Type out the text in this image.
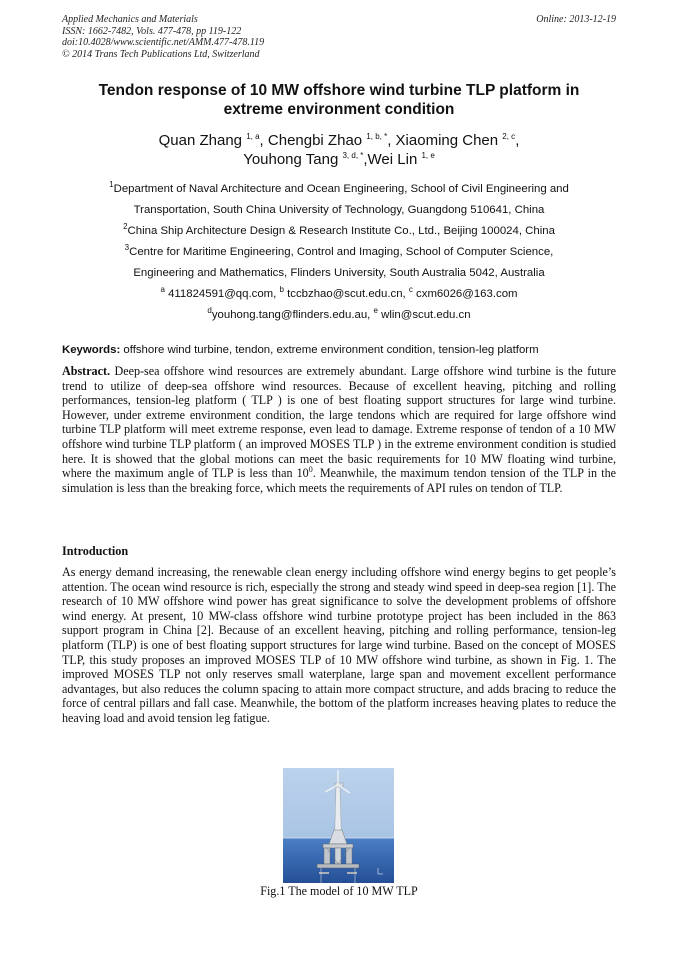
Applied Mechanics and Materials
ISSN: 1662-7482, Vols. 477-478, pp 119-122
doi:10.4028/www.scientific.net/AMM.477-478.119
© 2014 Trans Tech Publications Ltd, Switzerland
Online: 2013-12-19
Tendon response of 10 MW offshore wind turbine TLP platform in extreme environment condition
Quan Zhang $^{1, a}$, Chengbi Zhao $^{1, b, *}$, Xiaoming Chen $^{2, c}$,
Youhong Tang $^{3, d, *}$,Wei Lin $^{1, e}$
$^1$Department of Naval Architecture and Ocean Engineering, School of Civil Engineering and
Transportation, South China University of Technology, Guangdong 510641, China
$^2$China Ship Architecture Design & Research Institute Co., Ltd., Beijing 100024, China
$^3$Centre for Maritime Engineering, Control and Imaging, School of Computer Science,
Engineering and Mathematics, Flinders University, South Australia 5042, Australia
$^a$ 411824591@qq.com, $^b$ tccbzhao@scut.edu.cn, $^c$ cxm6026@163.com
$^d$youhong.tang@flinders.edu.au, $^e$ wlin@scut.edu.cn
Keywords: offshore wind turbine, tendon, extreme environment condition, tension-leg platform
Abstract. Deep-sea offshore wind resources are extremely abundant. Large offshore wind turbine is the future trend to utilize of deep-sea offshore wind resources. Because of excellent heaving, pitching and rolling performances, tension-leg platform ( TLP ) is one of best floating support structures for large wind turbine. However, under extreme environment condition, the large tendons which are required for large offshore wind turbine TLP platform will meet extreme response, even lead to damage. Extreme response of tendon of a 10 MW offshore wind turbine TLP platform ( an improved MOSES TLP ) in the extreme environment condition is studied here. It is showed that the global motions can meet the basic requirements for 10 MW floating wind turbine, where the maximum angle of TLP is less than $10^0$. Meanwhile, the maximum tendon tension of the TLP in the simulation is less than the breaking force, which meets the requirements of API rules on tendon of TLP.
Introduction
As energy demand increasing, the renewable clean energy including offshore wind energy begins to get people’s attention. The ocean wind resource is rich, especially the strong and steady wind speed in deep-sea region [1]. The research of 10 MW offshore wind power has great significance to solve the development problems of offshore wind energy. At present, 10 MW-class offshore wind turbine prototype project has been included in the 863 support program in China [2]. Because of an excellent heaving, pitching and rolling performance, tension-leg platform (TLP) is one of best floating support structures for large wind turbine. Based on the concept of MOSES TLP, this study proposes an improved MOSES TLP of 10 MW offshore wind turbine, as shown in Fig. 1. The improved MOSES TLP not only reserves small waterplane, large span and movement excellent performance advantages, but also reduces the column spacing to attain more compact structure, and adds bracing to reduce the force of central pillars and fall case. Meanwhile, the bottom of the platform increases heaving plates to reduce the heaving load and avoid tension leg fatigue.
Fig.1 The model of 10 MW TLP
